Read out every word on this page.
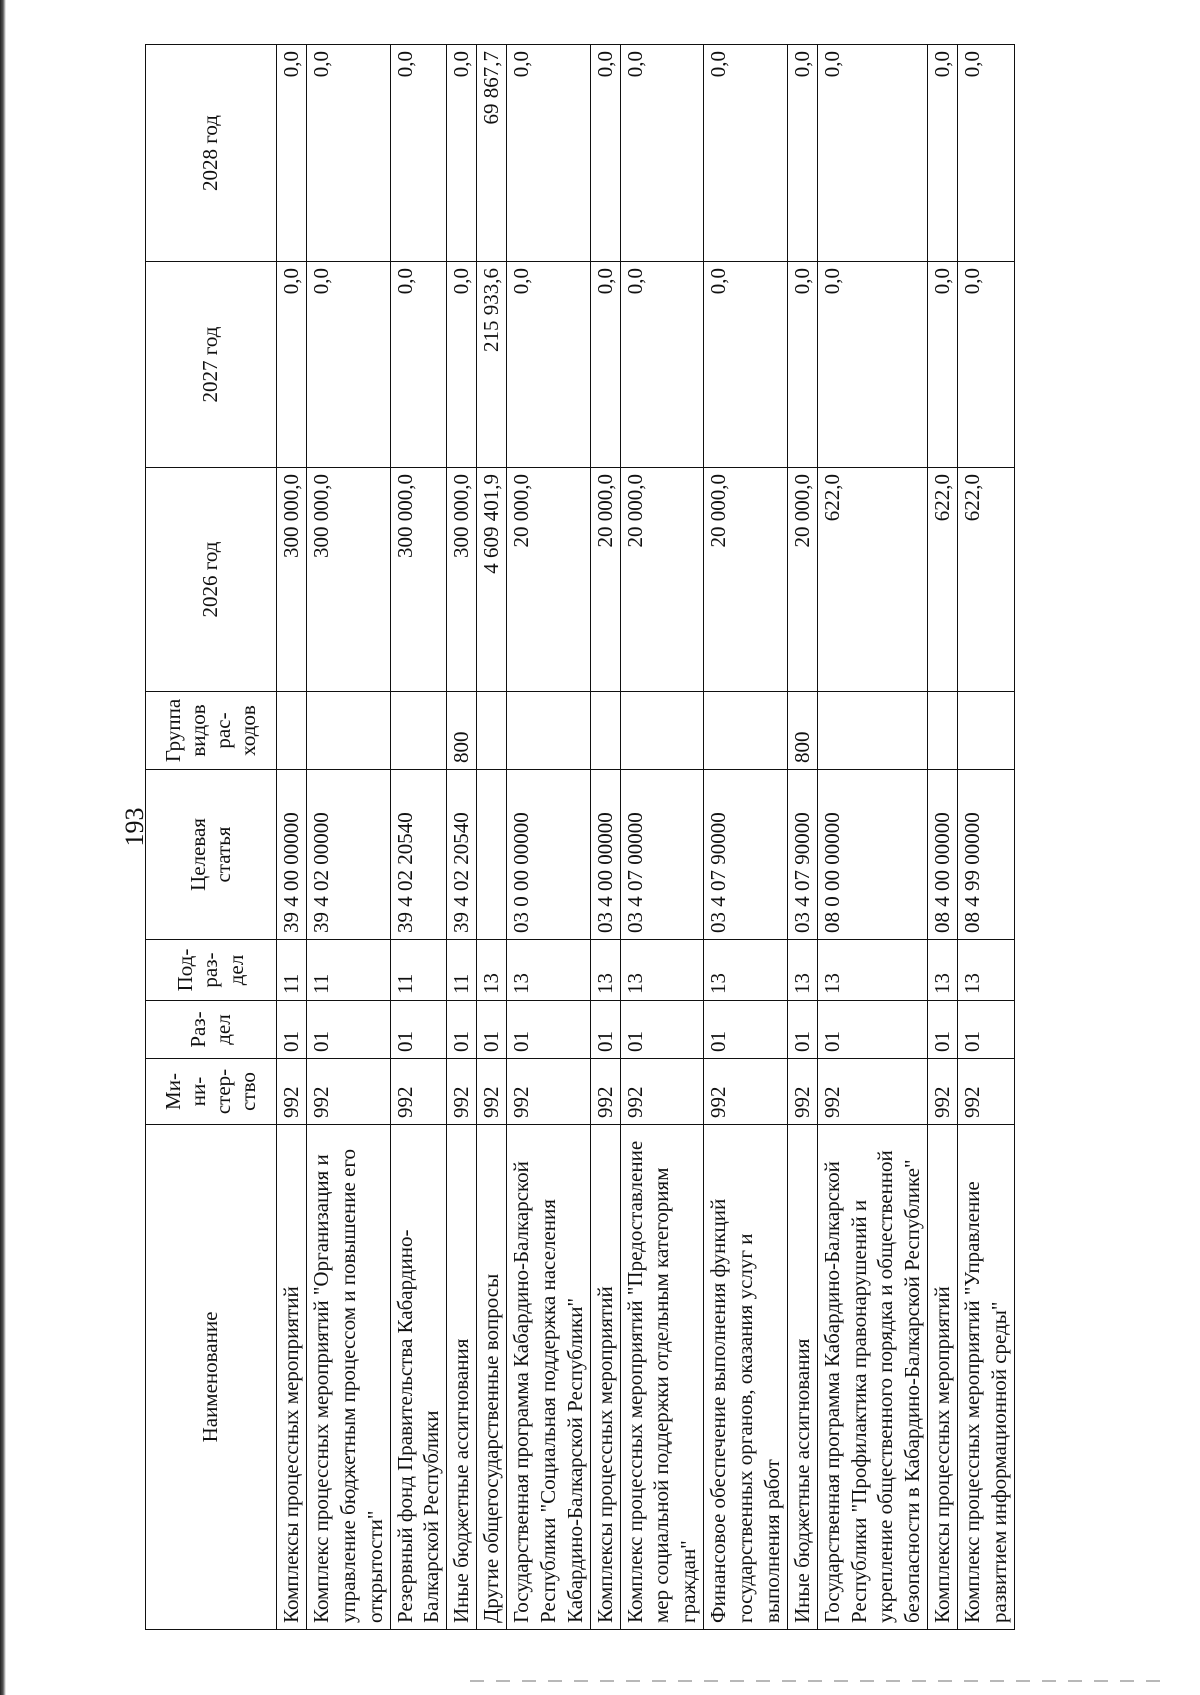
193
Наименование	Ми-
ни-
стер-
ство	Раз-
дел	Под-
раз-
дел	Целевая
статья	Группа
видов
рас-
ходов	2026 год	2027 год	2028 год
Комплексы процессных мероприятий	992	01	11	39 4 00 00000		300 000,0	0,0	0,0
Комплекс процессных мероприятий "Организация и управление бюджетным процессом и повышение его открытости"	992	01	11	39 4 02 00000		300 000,0	0,0	0,0
Резервный фонд Правительства Кабардино-Балкарской Республики	992	01	11	39 4 02 20540		300 000,0	0,0	0,0
Иные бюджетные ассигнования	992	01	11	39 4 02 20540	800	300 000,0	0,0	0,0
Другие общегосударственные вопросы	992	01	13			4 609 401,9	215 933,6	69 867,7
Государственная программа Кабардино-Балкарской Республики "Социальная поддержка населения Кабардино-Балкарской Республики"	992	01	13	03 0 00 00000		20 000,0	0,0	0,0
Комплексы процессных мероприятий	992	01	13	03 4 00 00000		20 000,0	0,0	0,0
Комплекс процессных мероприятий "Предоставление мер социальной поддержки отдельным категориям граждан"	992	01	13	03 4 07 00000		20 000,0	0,0	0,0
Финансовое обеспечение выполнения функций государственных органов, оказания услуг и выполнения работ	992	01	13	03 4 07 90000		20 000,0	0,0	0,0
Иные бюджетные ассигнования	992	01	13	03 4 07 90000	800	20 000,0	0,0	0,0
Государственная программа Кабардино-Балкарской Республики "Профилактика правонарушений и укрепление общественного порядка и общественной безопасности в Кабардино-Балкарской Республике"	992	01	13	08 0 00 00000		622,0	0,0	0,0
Комплексы процессных мероприятий	992	01	13	08 4 00 00000		622,0	0,0	0,0
Комплекс процессных мероприятий "Управление развитием информационной среды"	992	01	13	08 4 99 00000		622,0	0,0	0,0
